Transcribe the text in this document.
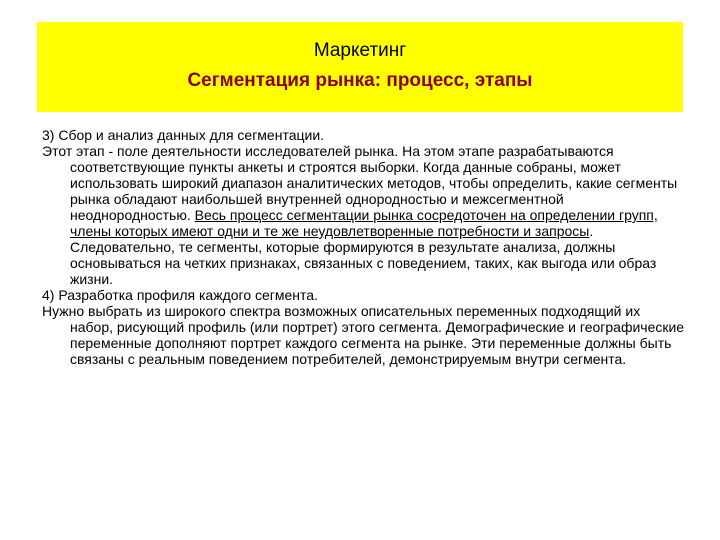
Маркетинг
Сегментация рынка: процесс, этапы

3) Сбор и анализ данных для сегментации.

Этот этап - поле деятельности исследователей рынка. На этом этапе разрабатываются соответствующие пункты анкеты и строятся выборки. Когда данные собраны, может использовать широкий диапазон аналитических методов, чтобы определить, какие сегменты рынка обладают наибольшей внутренней однородностью и межсегментной неоднородностью. Весь процесс сегментации рынка сосредоточен на определении групп, члены которых имеют одни и те же неудовлетворенные потребности и запросы. Следовательно, те сегменты, которые формируются в результате анализа, должны основываться на четких признаках, связанных с поведением, таких, как выгода или образ жизни.

4) Разработка профиля каждого сегмента.

Нужно выбрать из широкого спектра возможных описательных переменных подходящий их набор, рисующий профиль (или портрет) этого сегмента. Демографические и географические переменные дополняют портрет каждого сегмента на рынке. Эти переменные должны быть связаны с реальным поведением потребителей, демонстрируемым внутри сегмента.
